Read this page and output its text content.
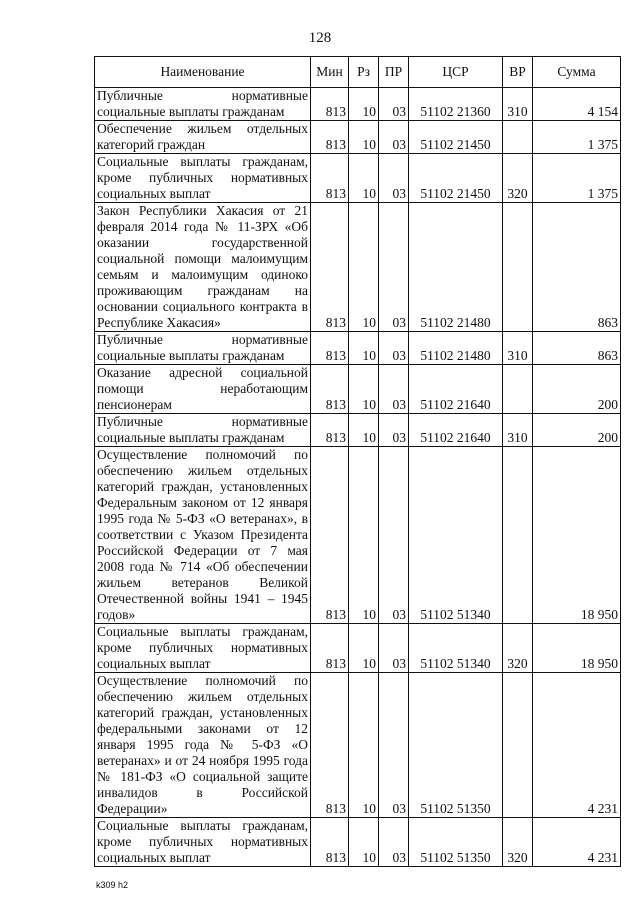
128
Наименование	Мин	Рз	ПР	ЦСР	ВР	Сумма
Публичные нормативные социальные выплаты гражданам	813	10	03	51102 21360	310	4 154
Обеспечение жильем отдельных категорий граждан	813	10	03	51102 21450		1 375
Социальные выплаты гражданам, кроме публичных нормативных социальных выплат	813	10	03	51102 21450	320	1 375
Закон Республики Хакасия от 21 февраля 2014 года № 11-ЗРХ «Об оказании государственной социальной помощи малоимущим семьям и малоимущим одиноко проживающим гражданам на основании социального контракта в Республике Хакасия»	813	10	03	51102 21480		863
Публичные нормативные социальные выплаты гражданам	813	10	03	51102 21480	310	863
Оказание адресной социальной помощи неработающим пенсионерам	813	10	03	51102 21640		200
Публичные нормативные социальные выплаты гражданам	813	10	03	51102 21640	310	200
Осуществление полномочий по обеспечению жильем отдельных категорий граждан, установленных Федеральным законом от 12 января 1995 года № 5-ФЗ «О ветеранах», в соответствии с Указом Президента Российской Федерации от 7 мая 2008 года № 714 «Об обеспечении жильем ветеранов Великой Отечественной войны 1941 – 1945 годов»	813	10	03	51102 51340		18 950
Социальные выплаты гражданам, кроме публичных нормативных социальных выплат	813	10	03	51102 51340	320	18 950
Осуществление полномочий по обеспечению жильем отдельных категорий граждан, установленных федеральными законами от 12 января 1995 года № 5-ФЗ «О ветеранах» и от 24 ноября 1995 года № 181-ФЗ «О социальной защите инвалидов в Российской Федерации»	813	10	03	51102 51350		4 231
Социальные выплаты гражданам, кроме публичных нормативных социальных выплат	813	10	03	51102 51350	320	4 231
k309 h2
